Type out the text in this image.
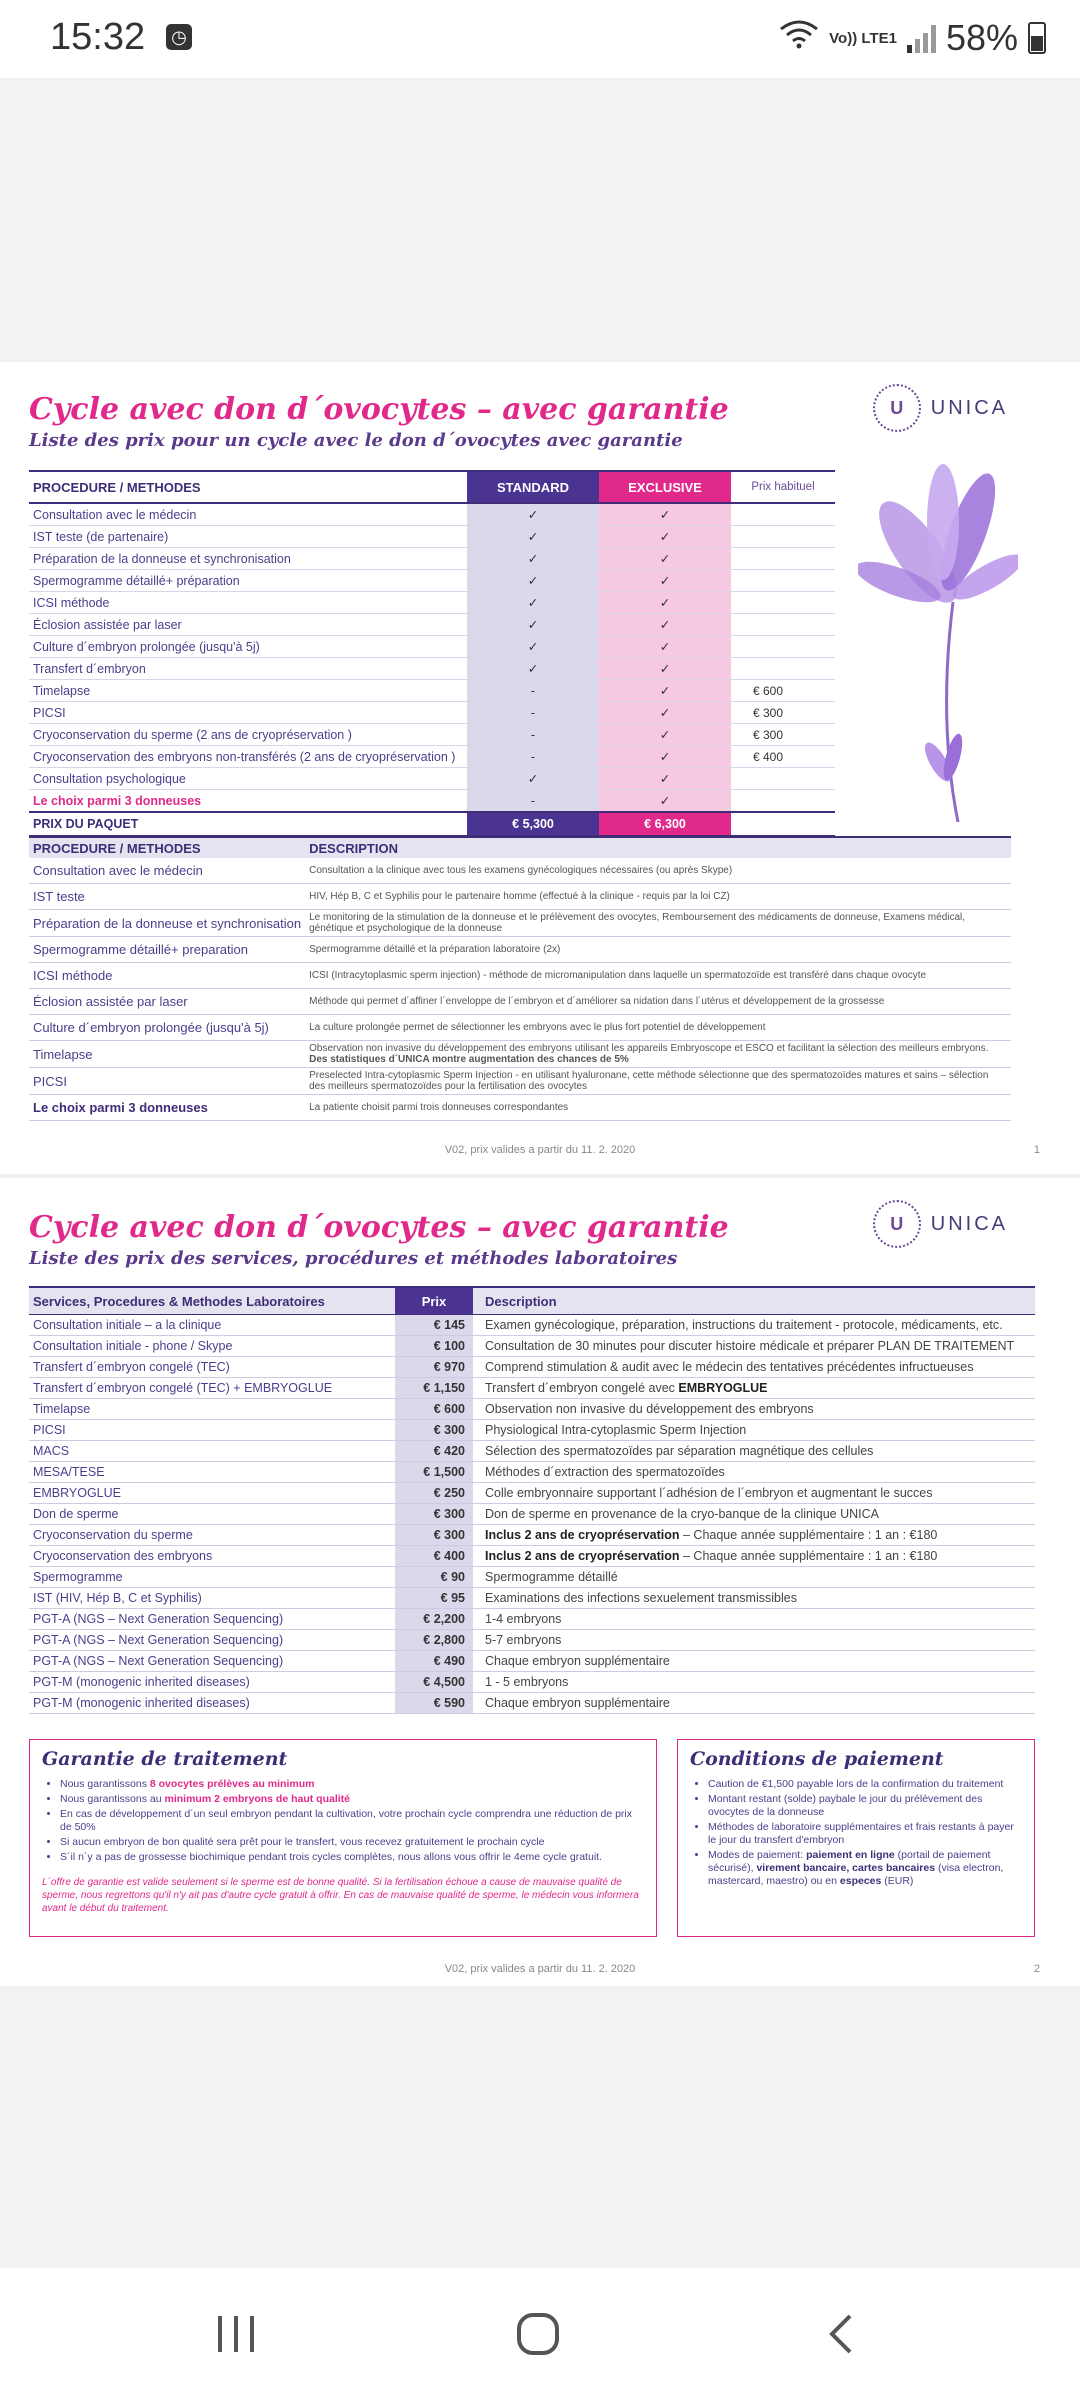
15:32 ◷	Vo)) LTE1 58%
Cycle avec don d´ovocytes – avec garantie
Liste des prix pour un cycle avec le don d´ovocytes avec garantie
U	UNICA
PROCEDURE / METHODES	STANDARD	EXCLUSIVE	Prix habituel
Consultation avec le médecin	✓	✓	
IST teste (de partenaire)	✓	✓	
Préparation de la donneuse et synchronisation	✓	✓	
Spermogramme détaillé+ préparation	✓	✓	
ICSI méthode	✓	✓	
Éclosion assistée par laser	✓	✓	
Culture d´embryon prolongée (jusqu'à 5j)	✓	✓	
Transfert d´embryon	✓	✓	
Timelapse	-	✓	€ 600
PICSI	-	✓	€ 300
Cryoconservation du sperme (2 ans de cryopréservation )	-	✓	€ 300
Cryoconservation des embryons non-transférés (2 ans de cryopréservation )	-	✓	€ 400
Consultation psychologique	✓	✓	
Le choix parmi 3 donneuses	-	✓	
PRIX DU PAQUET	€ 5,300	€ 6,300	
PROCEDURE / METHODES	DESCRIPTION
Consultation avec le médecin	Consultation a la clinique avec tous les examens gynécologiques nécessaires (ou après Skype)
IST teste	HIV, Hép B, C et Syphilis pour le partenaire homme (effectué à la clinique - requis par la loi CZ)
Préparation de la donneuse et synchronisation	Le monitoring de la stimulation de la donneuse et le prélèvement des ovocytes, Remboursement des médicaments de donneuse, Examens médical, génétique et psychologique de la donneuse
Spermogramme détaillé+ preparation	Spermogramme détaillé et la préparation laboratoire (2x)
ICSI méthode	ICSI (Intracytoplasmic sperm injection) - méthode de micromanipulation dans laquelle un spermatozoïde est transféré dans chaque ovocyte
Éclosion assistée par laser	Méthode qui permet d´affiner l´enveloppe de l´embryon et d´améliorer sa nidation dans l´utérus et développement de la grossesse
Culture d´embryon prolongée (jusqu'à 5j)	La culture prolongée permet de sélectionner les embryons avec le plus fort potentiel de développement
Timelapse	Observation non invasive du développement des embryons utilisant les appareils Embryoscope et ESCO et facilitant la sélection des meilleurs embryons. Des statistiques d´UNICA montre augmentation des chances de 5%
PICSI	Preselected Intra-cytoplasmic Sperm Injection - en utilisant hyaluronane, cette méthode sélectionne que des spermatozoïdes matures et sains – sélection des meilleurs spermatozoïdes pour la fertilisation des ovocytes
Le choix parmi 3 donneuses	La patiente choisit parmi trois donneuses correspondantes
V02, prix valides a partir du 11. 2. 2020	1
Cycle avec don d´ovocytes – avec garantie
Liste des prix des services, procédures et méthodes laboratoires
U	UNICA
Services, Procedures & Methodes Laboratoires	Prix	Description
Consultation initiale – a la clinique	€ 145	Examen gynécologique, préparation, instructions du traitement - protocole, médicaments, etc.
Consultation initiale - phone / Skype	€ 100	Consultation de 30 minutes pour discuter histoire médicale et préparer PLAN DE TRAITEMENT
Transfert d´embryon congelé (TEC)	€ 970	Comprend stimulation & audit avec le médecin des tentatives précédentes infructueuses
Transfert d´embryon congelé (TEC) + EMBRYOGLUE	€ 1,150	Transfert d´embryon congelé avec EMBRYOGLUE
Timelapse	€ 600	Observation non invasive du développement des embryons
PICSI	€ 300	Physiological Intra-cytoplasmic Sperm Injection
MACS	€ 420	Sélection des spermatozoïdes par séparation magnétique des cellules
MESA/TESE	€ 1,500	Méthodes d´extraction des spermatozoïdes
EMBRYOGLUE	€ 250	Colle embryonnaire supportant l´adhésion de l´embryon et augmentant le succes
Don de sperme	€ 300	Don de sperme en provenance de la cryo-banque de la clinique UNICA
Cryoconservation du sperme	€ 300	Inclus 2 ans de cryopréservation – Chaque année supplémentaire : 1 an : €180
Cryoconservation des embryons	€ 400	Inclus 2 ans de cryopréservation – Chaque année supplémentaire : 1 an : €180
Spermogramme	€ 90	Spermogramme détaillé
IST (HIV, Hép B, C et Syphilis)	€ 95	Examinations des infections sexuelement transmissibles
PGT-A (NGS – Next Generation Sequencing)	€ 2,200	1-4 embryons
PGT-A (NGS – Next Generation Sequencing)	€ 2,800	5-7 embryons
PGT-A (NGS – Next Generation Sequencing)	€ 490	Chaque embryon supplémentaire
PGT-M (monogenic inherited diseases)	€ 4,500	1 - 5 embryons
PGT-M (monogenic inherited diseases)	€ 590	Chaque embryon supplémentaire
Garantie de traitement
• Nous garantissons 8 ovocytes prélèves au minimum
• Nous garantissons au minimum 2 embryons de haut qualité
• En cas de développement d´un seul embryon pendant la cultivation, votre prochain cycle comprendra une réduction de prix de 50%
• Si aucun embryon de bon qualité sera prêt pour le transfert, vous recevez gratuitement le prochain cycle
• S´il n´y a pas de grossesse biochimique pendant trois cycles complètes, nous allons vous offrir le 4eme cycle gratuit.
L´offre de garantie est valide seulement si le sperme est de bonne qualité. Si la fertilisation échoue a cause de mauvaise qualité de sperme, nous regrettons qu'il n'y ait pas d'autre cycle gratuit à offrir. En cas de mauvaise qualité de sperme, le médecin vous informera avant le début du traitement.
Conditions de paiement
• Caution de €1,500 payable lors de la confirmation du traitement
• Montant restant (solde) paybale le jour du prélèvement des ovocytes de la donneuse
• Méthodes de laboratoire supplémentaires et frais restants à payer le jour du transfert d'embryon
• Modes de paiement: paiement en ligne (portail de paiement sécurisé), virement bancaire, cartes bancaires (visa electron, mastercard, maestro) ou en especes (EUR)
V02, prix valides a partir du 11. 2. 2020	2
